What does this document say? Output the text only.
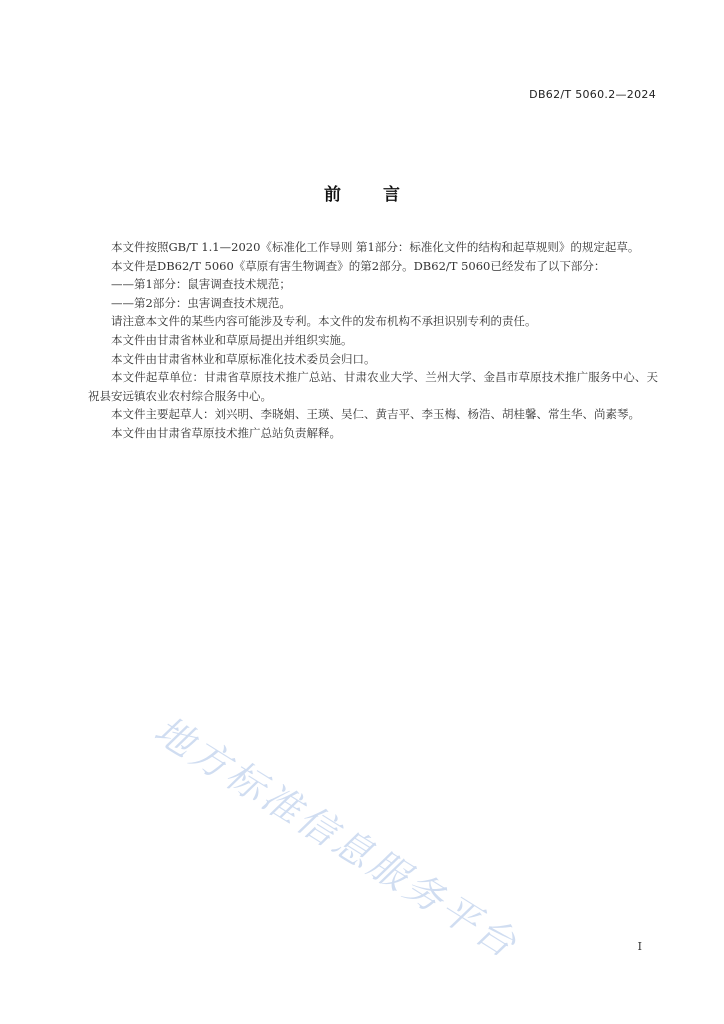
DB62/T 5060.2—2024
前言

本文件按照GB/T 1.1—2020《标准化工作导则 第1部分：标准化文件的结构和起草规则》的规定起草。

本文件是DB62/T 5060《草原有害生物调查》的第2部分。DB62/T 5060已经发布了以下部分：

——第1部分：鼠害调查技术规范；

——第2部分：虫害调查技术规范。

请注意本文件的某些内容可能涉及专利。本文件的发布机构不承担识别专利的责任。

本文件由甘肃省林业和草原局提出并组织实施。

本文件由甘肃省林业和草原标准化技术委员会归口。

本文件起草单位：甘肃省草原技术推广总站、甘肃农业大学、兰州大学、金昌市草原技术推广服务中心、天祝县安远镇农业农村综合服务中心。

本文件主要起草人：刘兴明、李晓娟、王瑛、吴仁、黄吉平、李玉梅、杨浩、胡桂馨、常生华、尚素琴。

本文件由甘肃省草原技术推广总站负责解释。

地方标准信息服务平台	I
